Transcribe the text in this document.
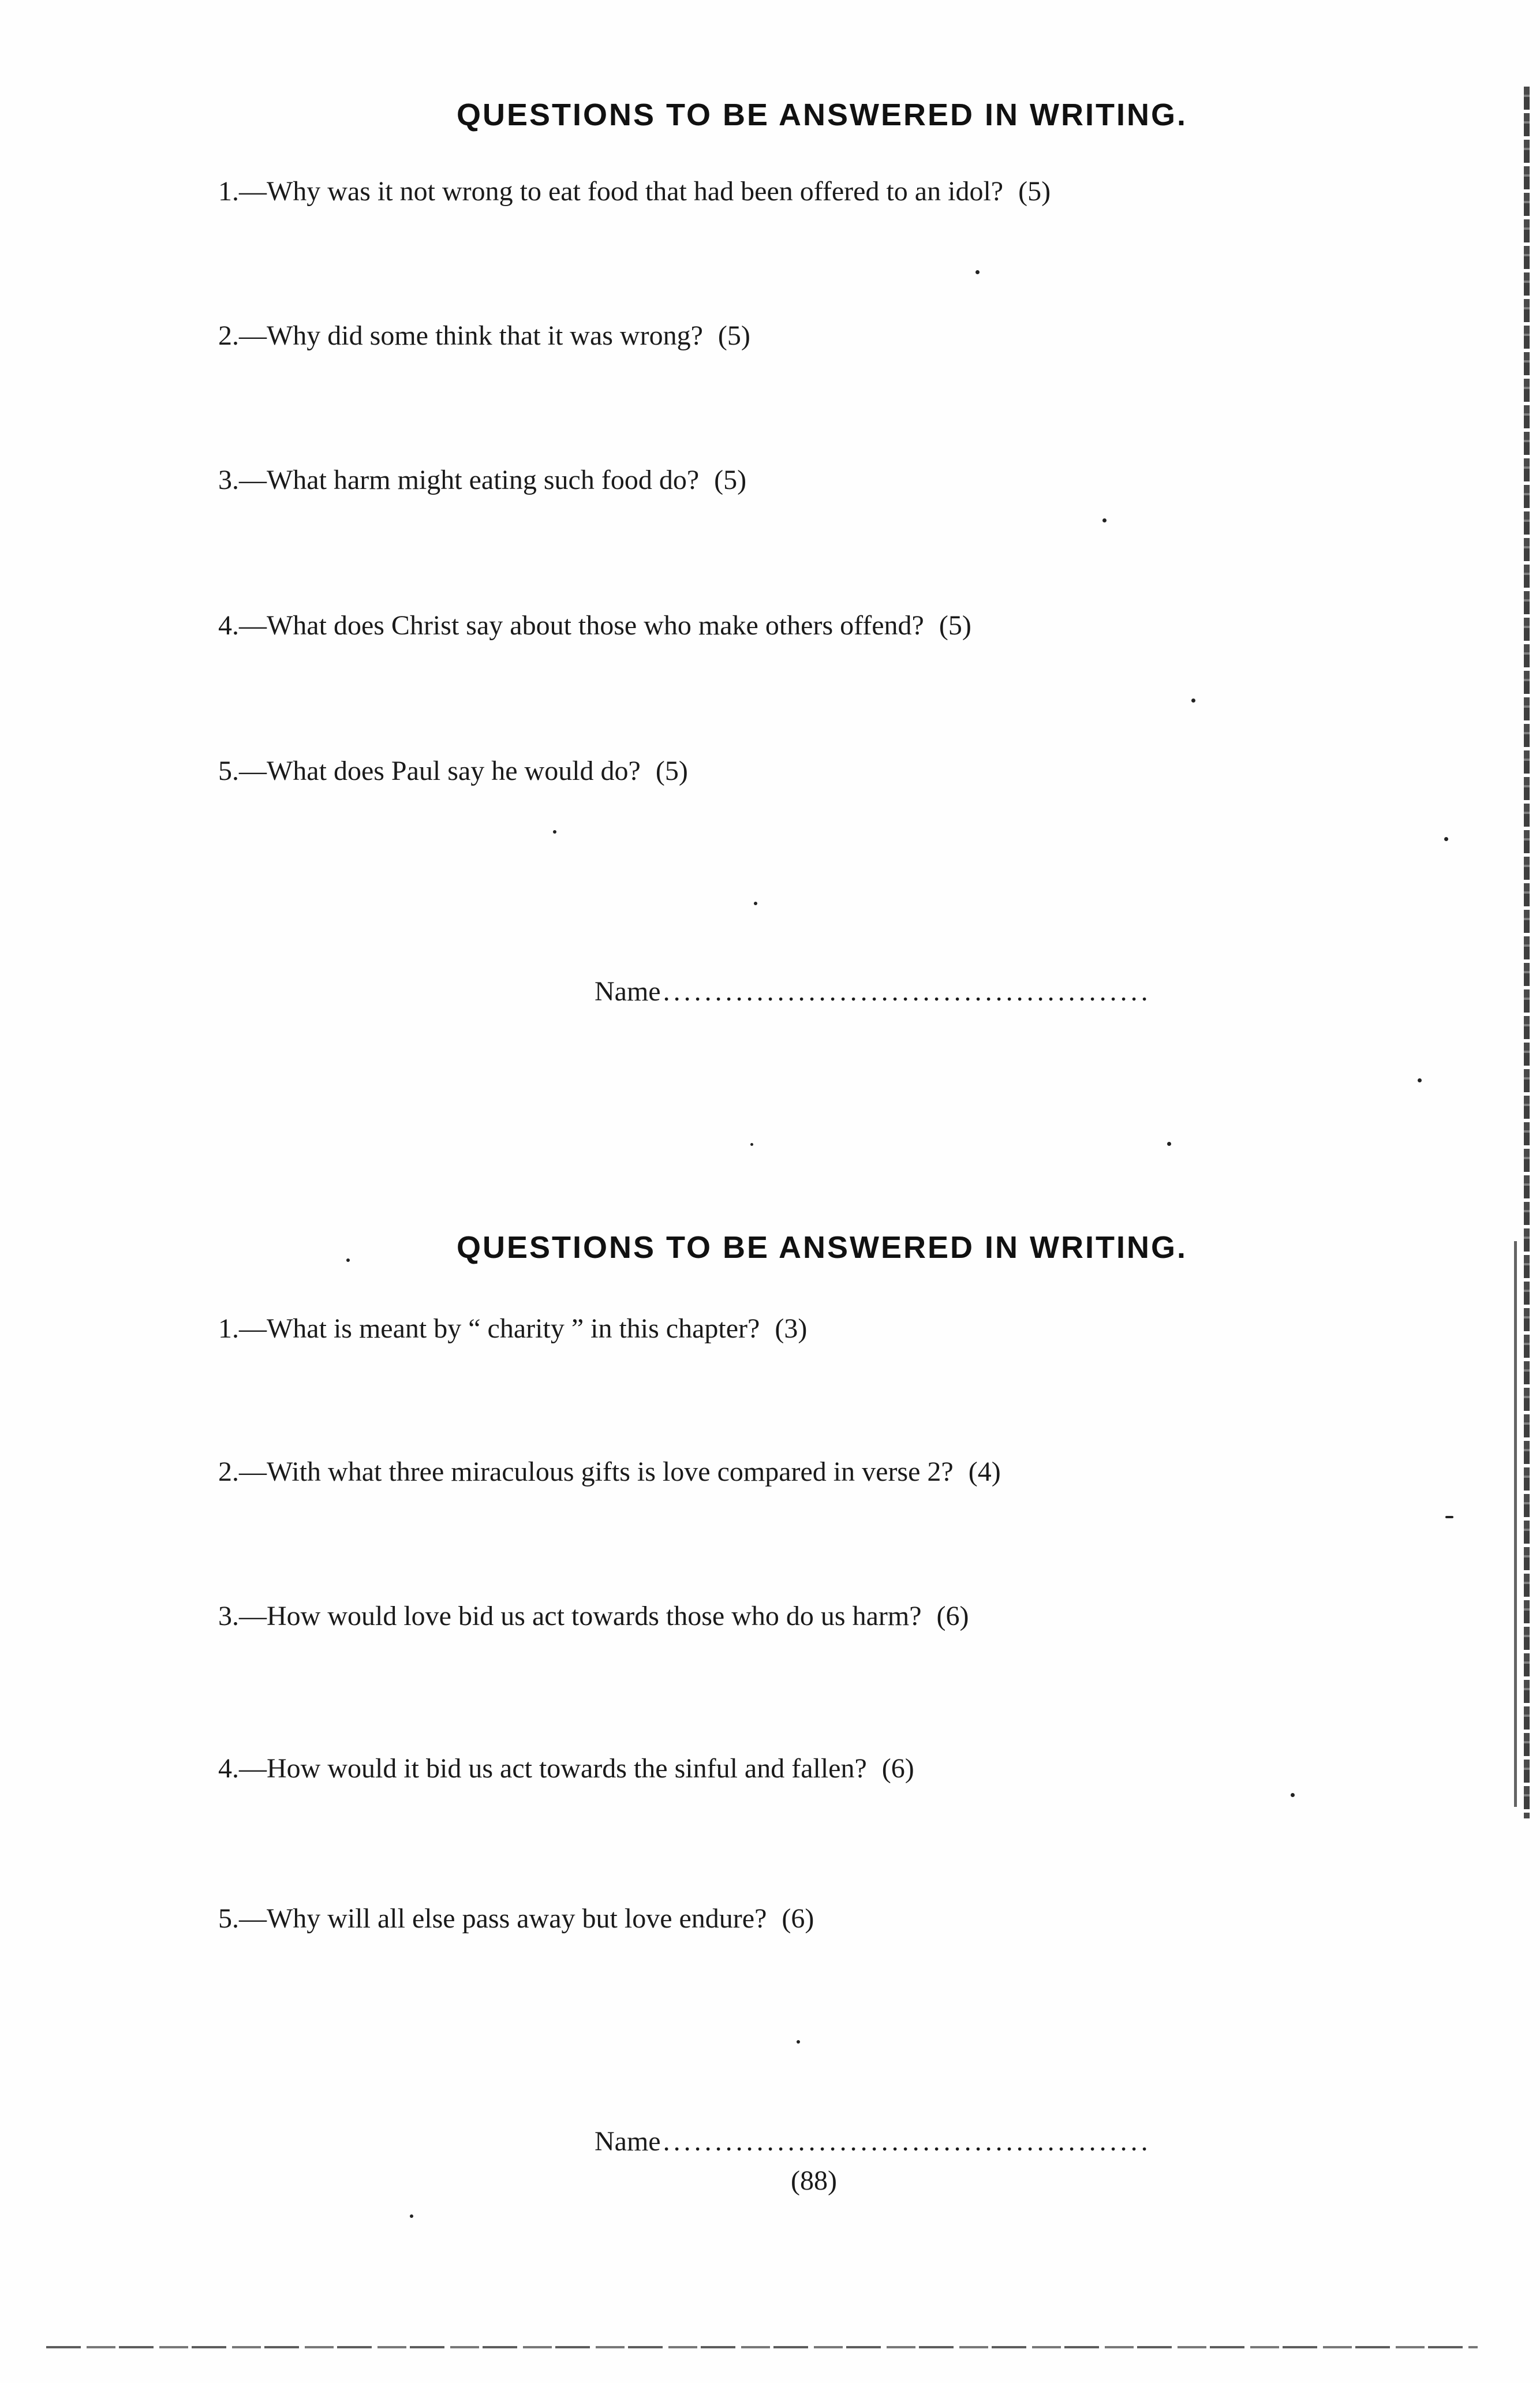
QUESTIONS TO BE ANSWERED IN WRITING.
1.—Why was it not wrong to eat food that had been offered to an idol? (5)
2.—Why did some think that it was wrong? (5)
3.—What harm might eating such food do? (5)
4.—What does Christ say about those who make others offend? (5)
5.—What does Paul say he would do? (5)
Name...............................................
QUESTIONS TO BE ANSWERED IN WRITING.
1.—What is meant by “ charity ” in this chapter? (3)
2.—With what three miraculous gifts is love compared in verse 2? (4)
3.—How would love bid us act towards those who do us harm? (6)
4.—How would it bid us act towards the sinful and fallen? (6)
5.—Why will all else pass away but love endure? (6)
Name...............................................
(88)
